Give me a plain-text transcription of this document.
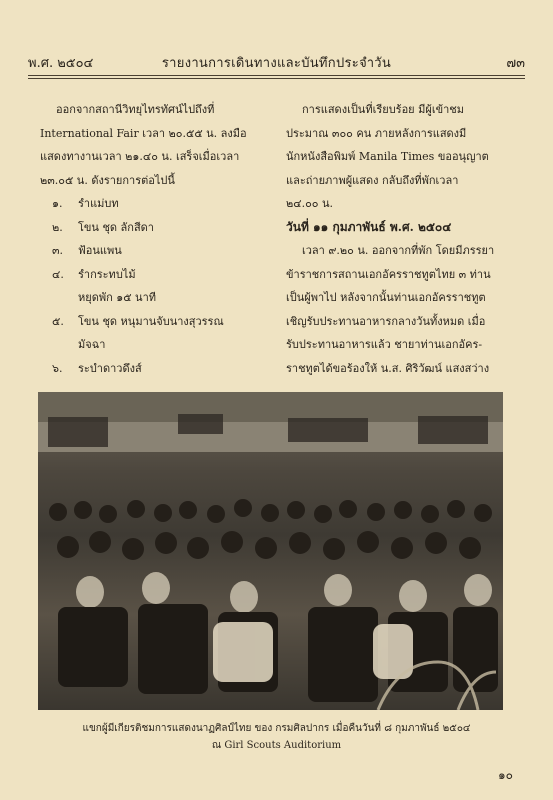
พ.ศ. ๒๕๐๔	รายงานการเดินทางและบันทึกประจำวัน	๗๓
ออกจากสถานีวิทยุไทรทัศน์ไปถึงที่
International Fair เวลา ๒๐.๕๕ น. ลงมือ
แสดงทางานเวลา ๒๑.๔๐ น. เสร็จเมื่อเวลา
๒๓.๐๕ น. ดังรายการต่อไปนี้
๑. รำแม่บท
๒. โขน ชุด ลักสีดา
๓. ฟ้อนแพน
๔. รำกระทบไม้
หยุดพัก ๑๕ นาที
๕. โขน ชุด หนุมานจับนางสุวรรณ
มัจฉา
๖. ระบำดาวดึงส์
การแสดงเป็นที่เรียบร้อย มีผู้เข้าชม
ประมาณ ๓๐๐ คน ภายหลังการแสดงมี
นักหนังสือพิมพ์ Manila Times ขออนุญาต
และถ่ายภาพผู้แสดง กลับถึงที่พักเวลา
๒๔.๐๐ น.
วันที่ ๑๑ กุมภาพันธ์ พ.ศ. ๒๕๐๔
เวลา ๙.๒๐ น. ออกจากที่พัก โดยมีภรรยา
ข้าราชการสถานเอกอัครราชทูตไทย ๓ ท่าน
เป็นผู้พาไป หลังจากนั้นท่านเอกอัครราชทูต
เชิญรับประทานอาหารกลางวันทั้งหมด เมื่อ
รับประทานอาหารแล้ว ชายาท่านเอกอัคร-
ราชทูตได้ขอร้องให้ น.ส. ศิริวัฒน์ แสงสว่าง
แขกผู้มีเกียรติชมการแสดงนาฏศิลป์ไทย ของ กรมศิลปากร เมื่อคืนวันที่ ๘ กุมภาพันธ์ ๒๕๐๔
ณ Girl Scouts Auditorium
๑๐
